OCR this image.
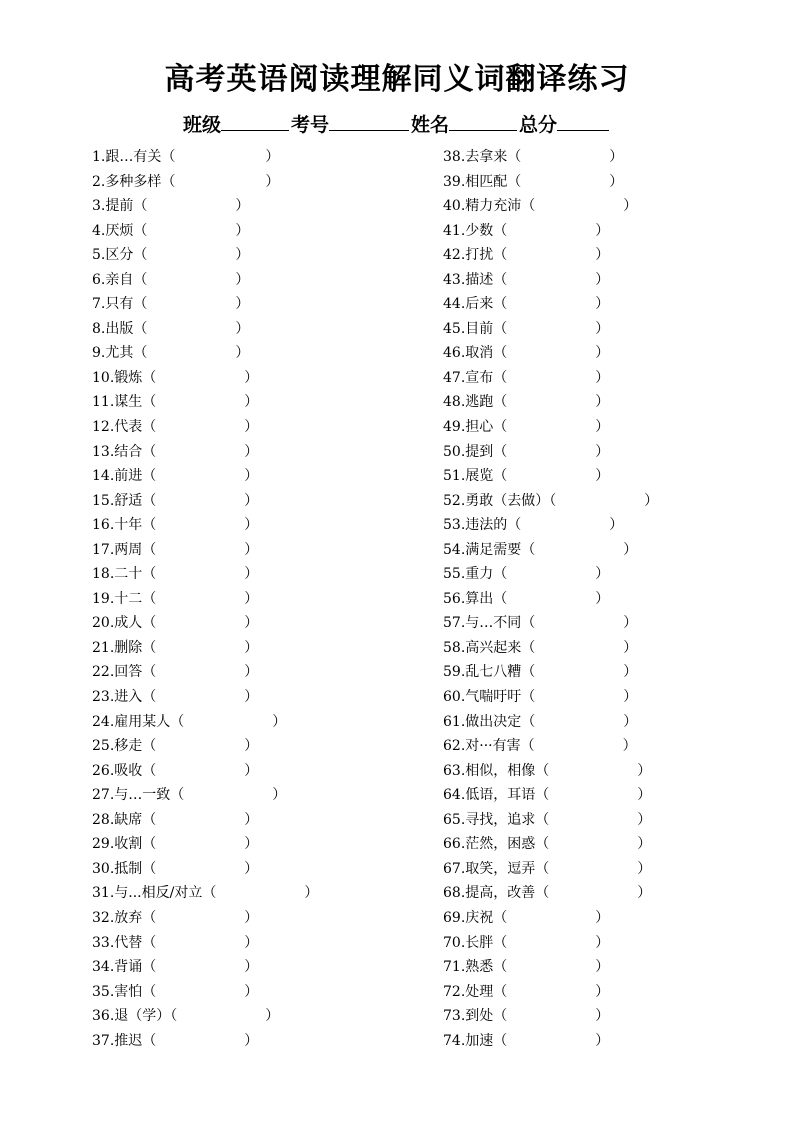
高考英语阅读理解同义词翻译练习
班级	考号	姓名	总分
1.跟…有关（	）
2.多种多样（	）
3.提前（	）
4.厌烦（	）
5.区分（	）
6.亲自（	）
7.只有（	）
8.出版（	）
9.尤其（	）
10.锻炼（	）
11.谋生（	）
12.代表（	）
13.结合（	）
14.前进（	）
15.舒适（	）
16.十年（	）
17.两周（	）
18.二十（	）
19.十二（	）
20.成人（	）
21.删除（	）
22.回答（	）
23.进入（	）
24.雇用某人（	）
25.移走（	）
26.吸收（	）
27.与…一致（	）
28.缺席（	）
29.收割（	）
30.抵制（	）
31.与...相反/对立（	）
32.放弃（	）
33.代替（	）
34.背诵（	）
35.害怕（	）
36.退（学）（	）
37.推迟（	）
38.去拿来（	）
39.相匹配（	）
40.精力充沛（	）
41.少数（	）
42.打扰（	）
43.描述（	）
44.后来（	）
45.目前（	）
46.取消（	）
47.宣布（	）
48.逃跑（	）
49.担心（	）
50.提到（	）
51.展览（	）
52.勇敢（去做）（	）
53.违法的（	）
54.满足需要（	）
55.重力（	）
56.算出（	）
57.与…不同（	）
58.高兴起来（	）
59.乱七八糟（	）
60.气喘吁吁（	）
61.做出决定（	）
62.对···有害（	）
63.相似，相像（	）
64.低语，耳语（	）
65.寻找，追求（	）
66.茫然，困惑（	）
67.取笑，逗弄（	）
68.提高，改善（	）
69.庆祝（	）
70.长胖（	）
71.熟悉（	）
72.处理（	）
73.到处（	）
74.加速（	）
